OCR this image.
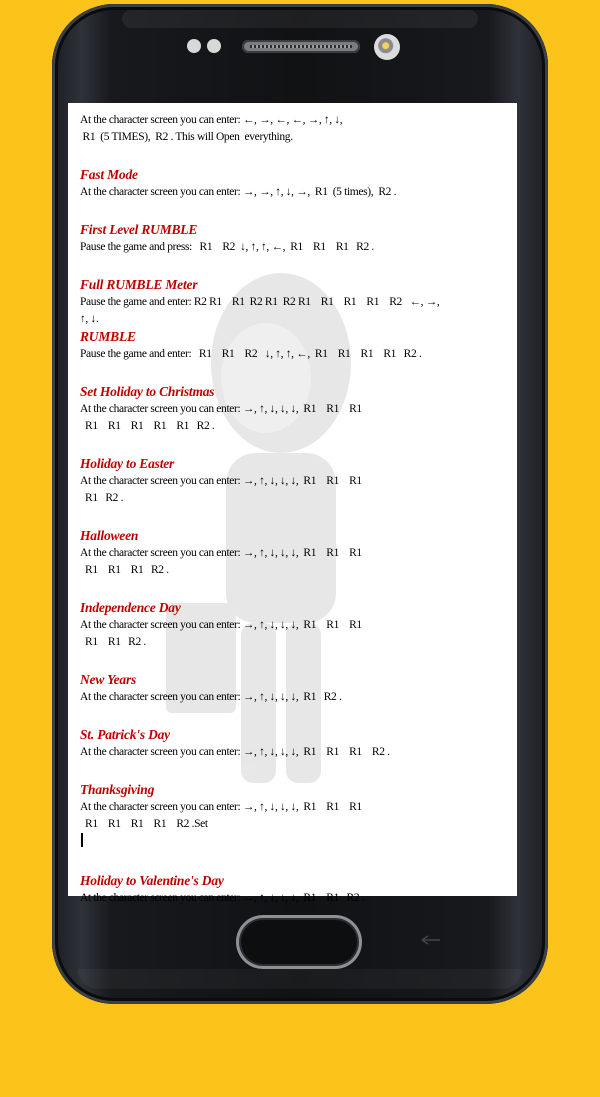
At the character screen you can enter: ←, →, ←, ←, →, ↑, ↓,
R1  (5 TIMES),  R2 . This will Open  everything.
Fast Mode
At the character screen you can enter: →, →, ↑, ↓, →,  R1  (5 times),  R2 .
First Level RUMBLE
Pause the game and press:   R1    R2  ↓, ↑, ↑, ←,  R1    R1    R1   R2 .
Full RUMBLE Meter
Pause the game and enter: R2 R1    R1  R2 R1  R2 R1    R1    R1    R1    R2   ←, →,
↑, ↓.
RUMBLE
Pause the game and enter:   R1    R1    R2   ↓, ↑, ↑, ←,  R1    R1    R1    R1   R2 .
Set Holiday to Christmas
At the character screen you can enter: →, ↑, ↓, ↓, ↓,  R1    R1    R1
R1    R1    R1    R1    R1   R2 .
Holiday to Easter
At the character screen you can enter: →, ↑, ↓, ↓, ↓,  R1    R1    R1
R1   R2 .
Halloween
At the character screen you can enter: →, ↑, ↓, ↓, ↓,  R1    R1    R1
R1    R1    R1   R2 .
Independence Day
At the character screen you can enter: →, ↑, ↓, ↓, ↓,  R1    R1    R1
R1    R1   R2 .
New Years
At the character screen you can enter: →, ↑, ↓, ↓, ↓,  R1   R2 .
St. Patrick's Day
At the character screen you can enter: →, ↑, ↓, ↓, ↓,  R1    R1    R1    R2 .
Thanksgiving
At the character screen you can enter: →, ↑, ↓, ↓, ↓,  R1    R1    R1
R1    R1    R1    R1    R2 .Set
Holiday to Valentine's Day
At the character screen you can enter: →, ↑, ↓, ↓, ↓,  R1    R1   R2 .
